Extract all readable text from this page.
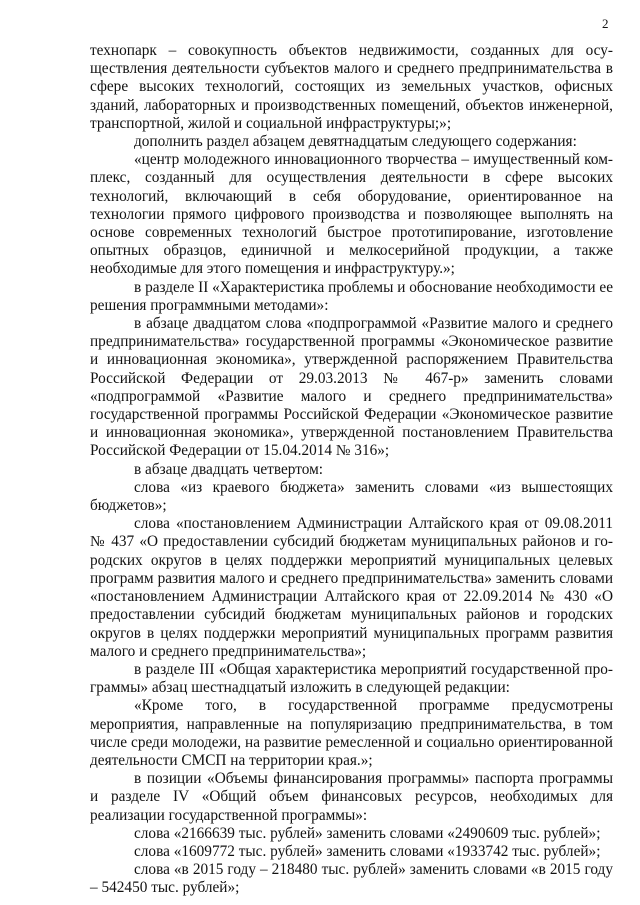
2

технопарк – совокупность объектов недвижимости, созданных для осуществления деятельности субъектов малого и среднего предпринимательства в сфере высоких технологий, состоящих из земельных участков, офисных зданий, лабораторных и производственных помещений, объектов инженерной, транспортной, жилой и социальной инфраструктуры;»;

дополнить раздел абзацем девятнадцатым следующего содержания:

«центр молодежного инновационного творчества – имущественный комплекс, созданный для осуществления деятельности в сфере высоких технологий, включающий в себя оборудование, ориентированное на технологии прямого цифрового производства и позволяющее выполнять на основе современных технологий быстрое прототипирование, изготовление опытных образцов, единичной и мелкосерийной продукции, а также необходимые для этого помещения и инфраструктуру.»;

в разделе II «Характеристика проблемы и обоснование необходимости ее решения программными методами»:

в абзаце двадцатом слова «подпрограммой «Развитие малого и среднего предпринимательства» государственной программы «Экономическое развитие и инновационная экономика», утвержденной распоряжением Правительства Российской Федерации от 29.03.2013 № 467-р» заменить словами «подпрограммой «Развитие малого и среднего предпринимательства» государственной программы Российской Федерации «Экономическое развитие и инновационная экономика», утвержденной постановлением Правительства Российской Федерации от 15.04.2014 № 316»;

в абзаце двадцать четвертом:

слова «из краевого бюджета» заменить словами «из вышестоящих бюджетов»;

слова «постановлением Администрации Алтайского края от 09.08.2011 № 437 «О предоставлении субсидий бюджетам муниципальных районов и городских округов в целях поддержки мероприятий муниципальных целевых программ развития малого и среднего предпринимательства» заменить словами «постановлением Администрации Алтайского края от 22.09.2014 № 430 «О предоставлении субсидий бюджетам муниципальных районов и городских округов в целях поддержки мероприятий муниципальных программ развития малого и среднего предпринимательства»;

в разделе III «Общая характеристика мероприятий государственной программы» абзац шестнадцатый изложить в следующей редакции:

«Кроме того, в государственной программе предусмотрены мероприятия, направленные на популяризацию предпринимательства, в том числе среди молодежи, на развитие ремесленной и социально ориентированной деятельности СМСП на территории края.»;

в позиции «Объемы финансирования программы» паспорта программы и разделе IV «Общий объем финансовых ресурсов, необходимых для реализации государственной программы»:

слова «2166639 тыс. рублей» заменить словами «2490609 тыс. рублей»;

слова «1609772 тыс. рублей» заменить словами «1933742 тыс. рублей»;

слова «в 2015 году – 218480 тыс. рублей» заменить словами «в 2015 году – 542450 тыс. рублей»;
